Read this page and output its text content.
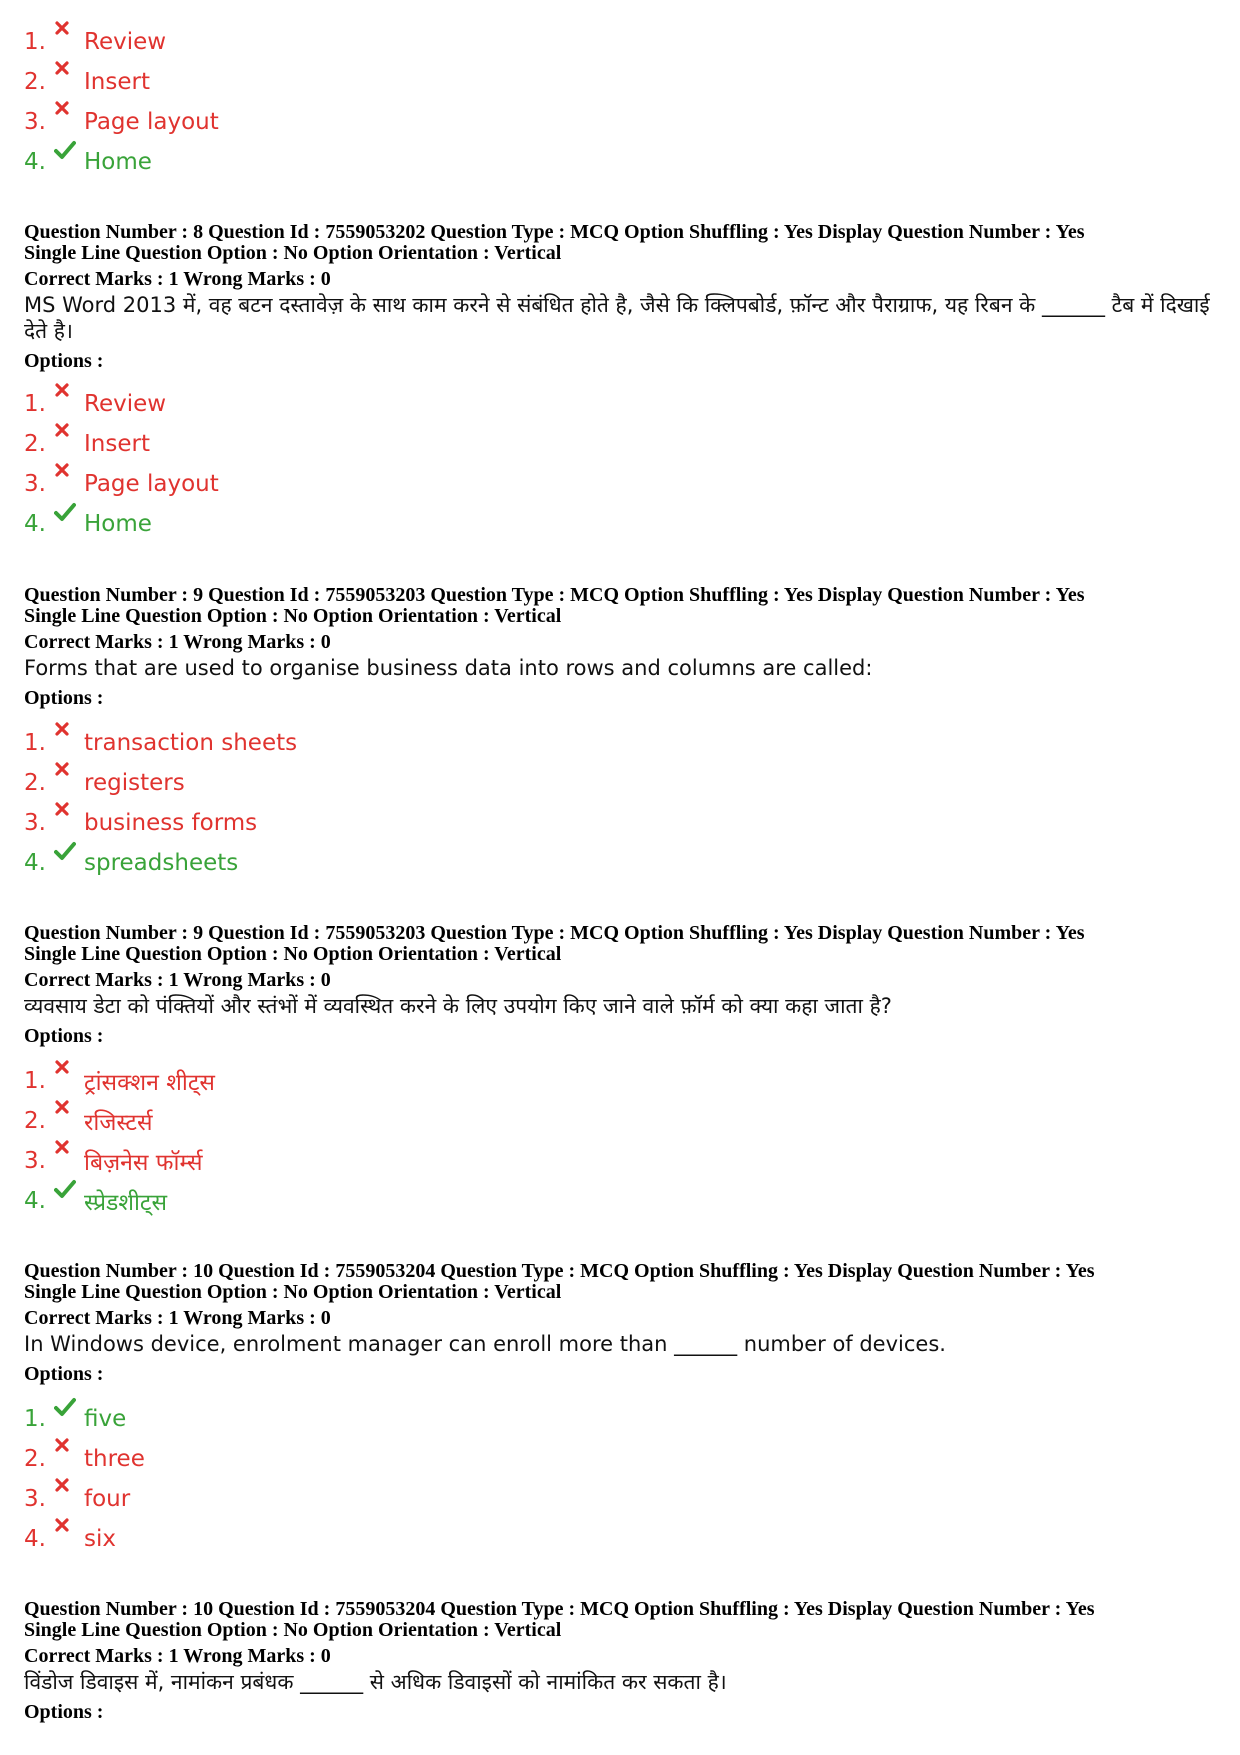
1.	Review
2.	Insert
3.	Page layout
4.	Home
Question Number : 8 Question Id : 7559053202 Question Type : MCQ Option Shuffling : Yes Display Question Number : Yes
Single Line Question Option : No Option Orientation : Vertical
Correct Marks : 1 Wrong Marks : 0
MS Word 2013 में, वह बटन दस्तावेज़ के साथ काम करने से संबंधित होते है, जैसे कि क्लिपबोर्ड, फ़ॉन्ट और पैराग्राफ, यह रिबन के ______ टैब में दिखाई देते है।
Options :
1.	Review
2.	Insert
3.	Page layout
4.	Home
Question Number : 9 Question Id : 7559053203 Question Type : MCQ Option Shuffling : Yes Display Question Number : Yes
Single Line Question Option : No Option Orientation : Vertical
Correct Marks : 1 Wrong Marks : 0
Forms that are used to organise business data into rows and columns are called:
Options :
1.	transaction sheets
2.	registers
3.	business forms
4.	spreadsheets
Question Number : 9 Question Id : 7559053203 Question Type : MCQ Option Shuffling : Yes Display Question Number : Yes
Single Line Question Option : No Option Orientation : Vertical
Correct Marks : 1 Wrong Marks : 0
व्यवसाय डेटा को पंक्तियों और स्तंभों में व्यवस्थित करने के लिए उपयोग किए जाने वाले फ़ॉर्म को क्या कहा जाता है?
Options :
1.	ट्रांसक्शन शीट्स
2.	रजिस्टर्स
3.	बिज़नेस फॉर्म्स
4.	स्प्रेडशीट्स
Question Number : 10 Question Id : 7559053204 Question Type : MCQ Option Shuffling : Yes Display Question Number : Yes
Single Line Question Option : No Option Orientation : Vertical
Correct Marks : 1 Wrong Marks : 0
In Windows device, enrolment manager can enroll more than ______ number of devices.
Options :
1.	five
2.	three
3.	four
4.	six
Question Number : 10 Question Id : 7559053204 Question Type : MCQ Option Shuffling : Yes Display Question Number : Yes
Single Line Question Option : No Option Orientation : Vertical
Correct Marks : 1 Wrong Marks : 0
विंडोज डिवाइस में, नामांकन प्रबंधक ______ से अधिक डिवाइसों को नामांकित कर सकता है।
Options :
